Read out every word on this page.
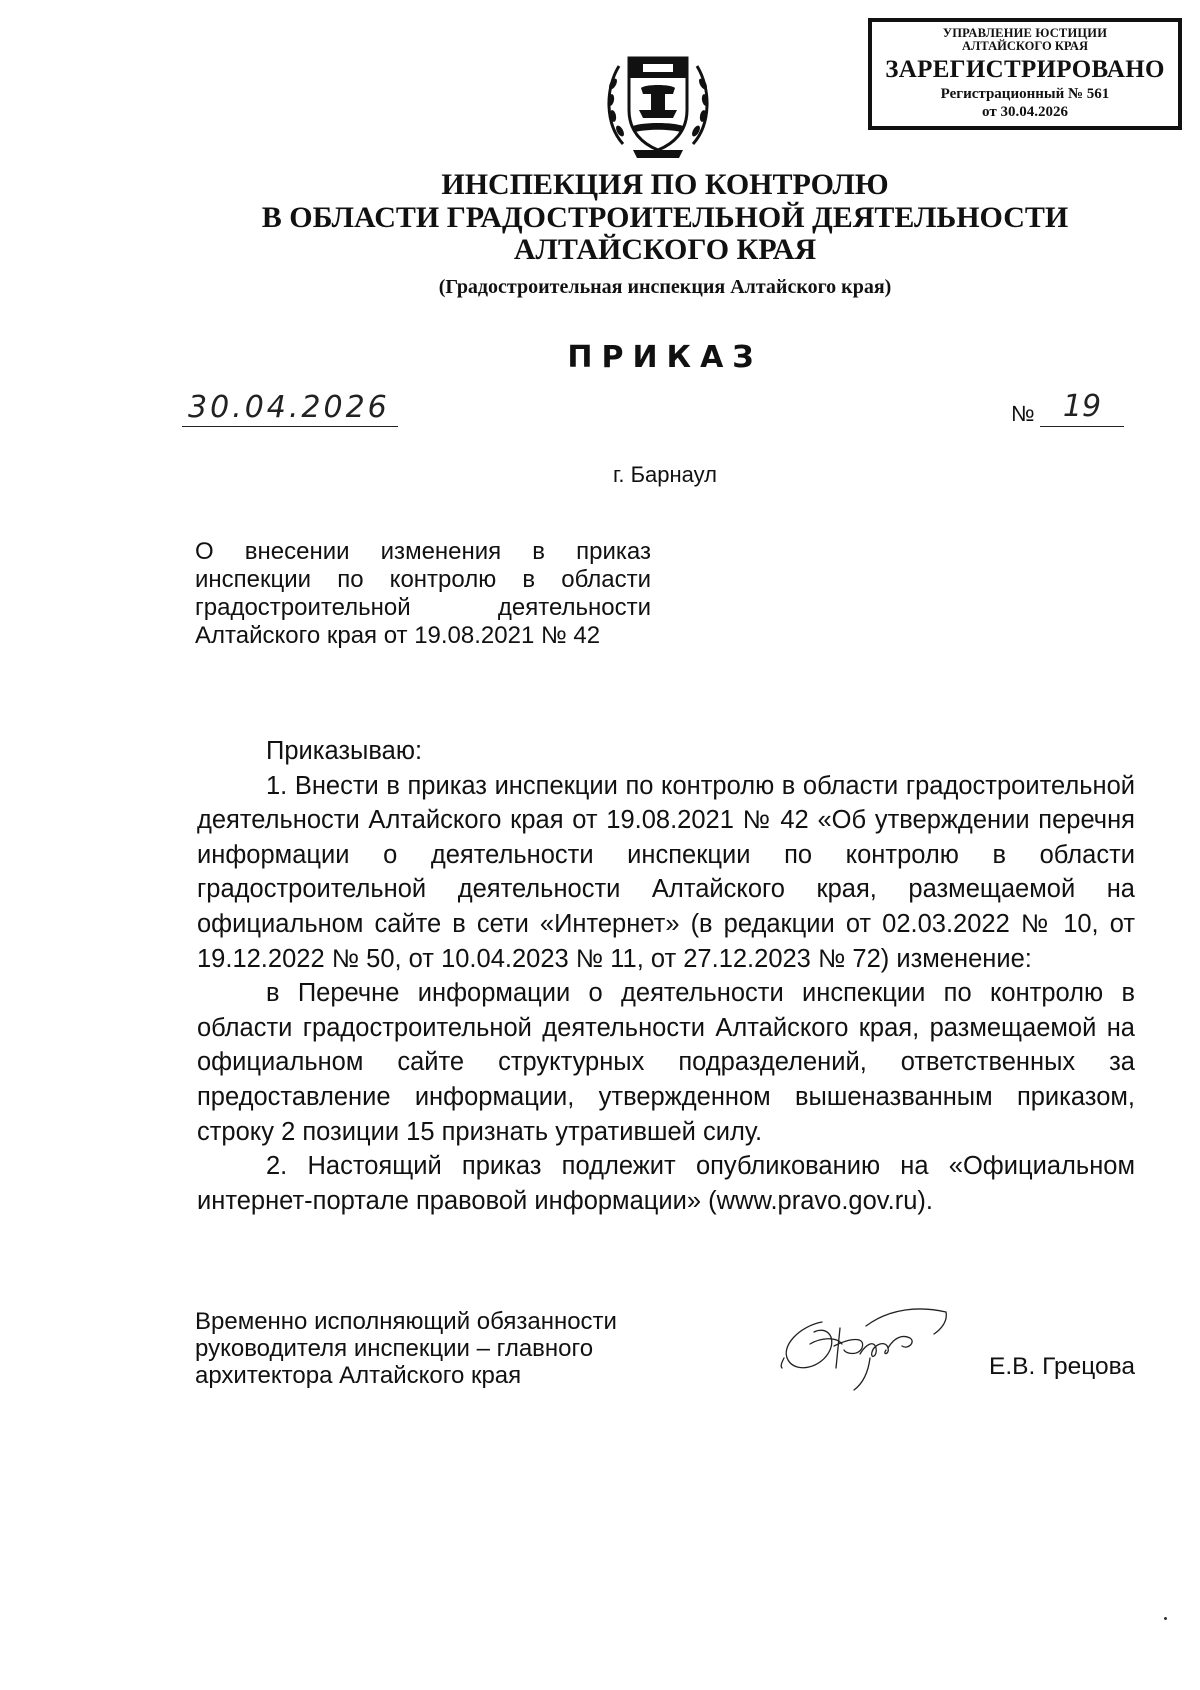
УПРАВЛЕНИЕ ЮСТИЦИИ
АЛТАЙСКОГО КРАЯ
ЗАРЕГИСТРИРОВАНО
Регистрационный № 561
от 30.04.2026
ИНСПЕКЦИЯ ПО КОНТРОЛЮ
В ОБЛАСТИ ГРАДОСТРОИТЕЛЬНОЙ ДЕЯТЕЛЬНОСТИ
АЛТАЙСКОГО КРАЯ
(Градостроительная инспекция Алтайского края)
ПРИКАЗ
30.04.2026	№ 19
г. Барнаул
О внесении изменения в приказ инспекции по контролю в области градостроительной деятельности Алтайского края от 19.08.2021 № 42

Приказываю:

1. Внести в приказ инспекции по контролю в области градостроительной деятельности Алтайского края от 19.08.2021 № 42 «Об утверждении перечня информации о деятельности инспекции по контролю в области градостроительной деятельности Алтайского края, размещаемой на официальном сайте в сети «Интернет» (в редакции от 02.03.2022 № 10, от 19.12.2022 № 50, от 10.04.2023 № 11, от 27.12.2023 № 72) изменение:

в Перечне информации о деятельности инспекции по контролю в области градостроительной деятельности Алтайского края, размещаемой на официальном сайте структурных подразделений, ответственных за предоставление информации, утвержденном вышеназванным приказом, строку 2 позиции 15 признать утратившей силу.

2. Настоящий приказ подлежит опубликованию на «Официальном интернет-портале правовой информации» (www.pravo.gov.ru).

Временно исполняющий обязанности
руководителя инспекции – главного
архитектора Алтайского края	Е.В. Грецова
